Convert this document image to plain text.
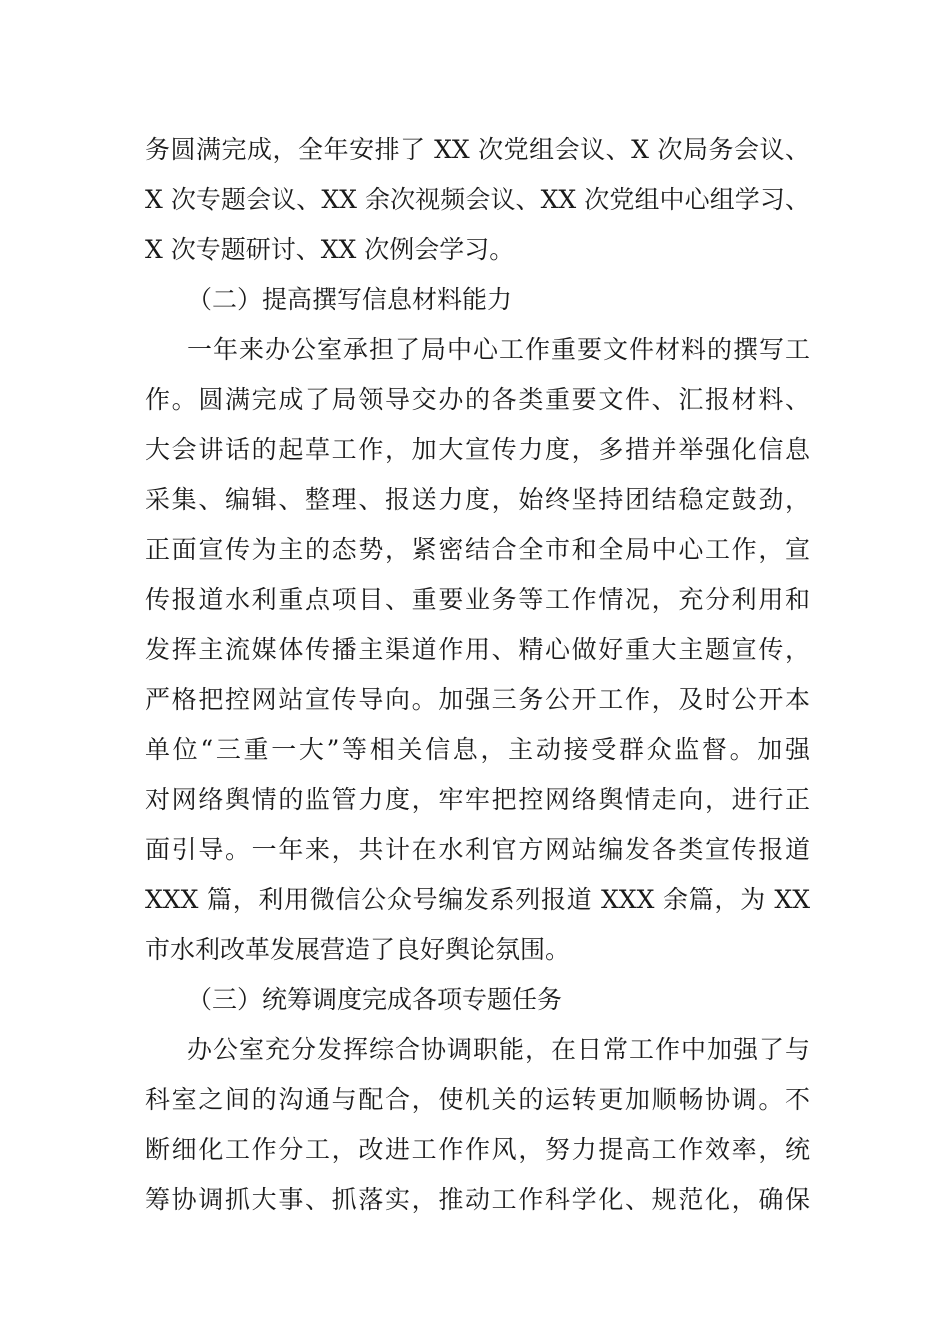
务圆满完成，全年安排了 XX 次党组会议、X 次局务会议、
X 次专题会议、XX 余次视频会议、XX 次党组中心组学习、
X 次专题研讨、XX 次例会学习。
（二）提高撰写信息材料能力
一年来办公室承担了局中心工作重要文件材料的撰写工
作。圆满完成了局领导交办的各类重要文件、汇报材料、
大会讲话的起草工作，加大宣传力度，多措并举强化信息
采集、编辑、整理、报送力度，始终坚持团结稳定鼓劲，
正面宣传为主的态势，紧密结合全市和全局中心工作，宣
传报道水利重点项目、重要业务等工作情况，充分利用和
发挥主流媒体传播主渠道作用、精心做好重大主题宣传，
严格把控网站宣传导向。加强三务公开工作，及时公开本
单位“三重一大”等相关信息，主动接受群众监督。加强
对网络舆情的监管力度，牢牢把控网络舆情走向，进行正
面引导。一年来，共计在水利官方网站编发各类宣传报道
XXX 篇，利用微信公众号编发系列报道 XXX 余篇，为 XX
市水利改革发展营造了良好舆论氛围。
（三）统筹调度完成各项专题任务
办公室充分发挥综合协调职能，在日常工作中加强了与
科室之间的沟通与配合，使机关的运转更加顺畅协调。不
断细化工作分工，改进工作作风，努力提高工作效率，统
筹协调抓大事、抓落实，推动工作科学化、规范化，确保
